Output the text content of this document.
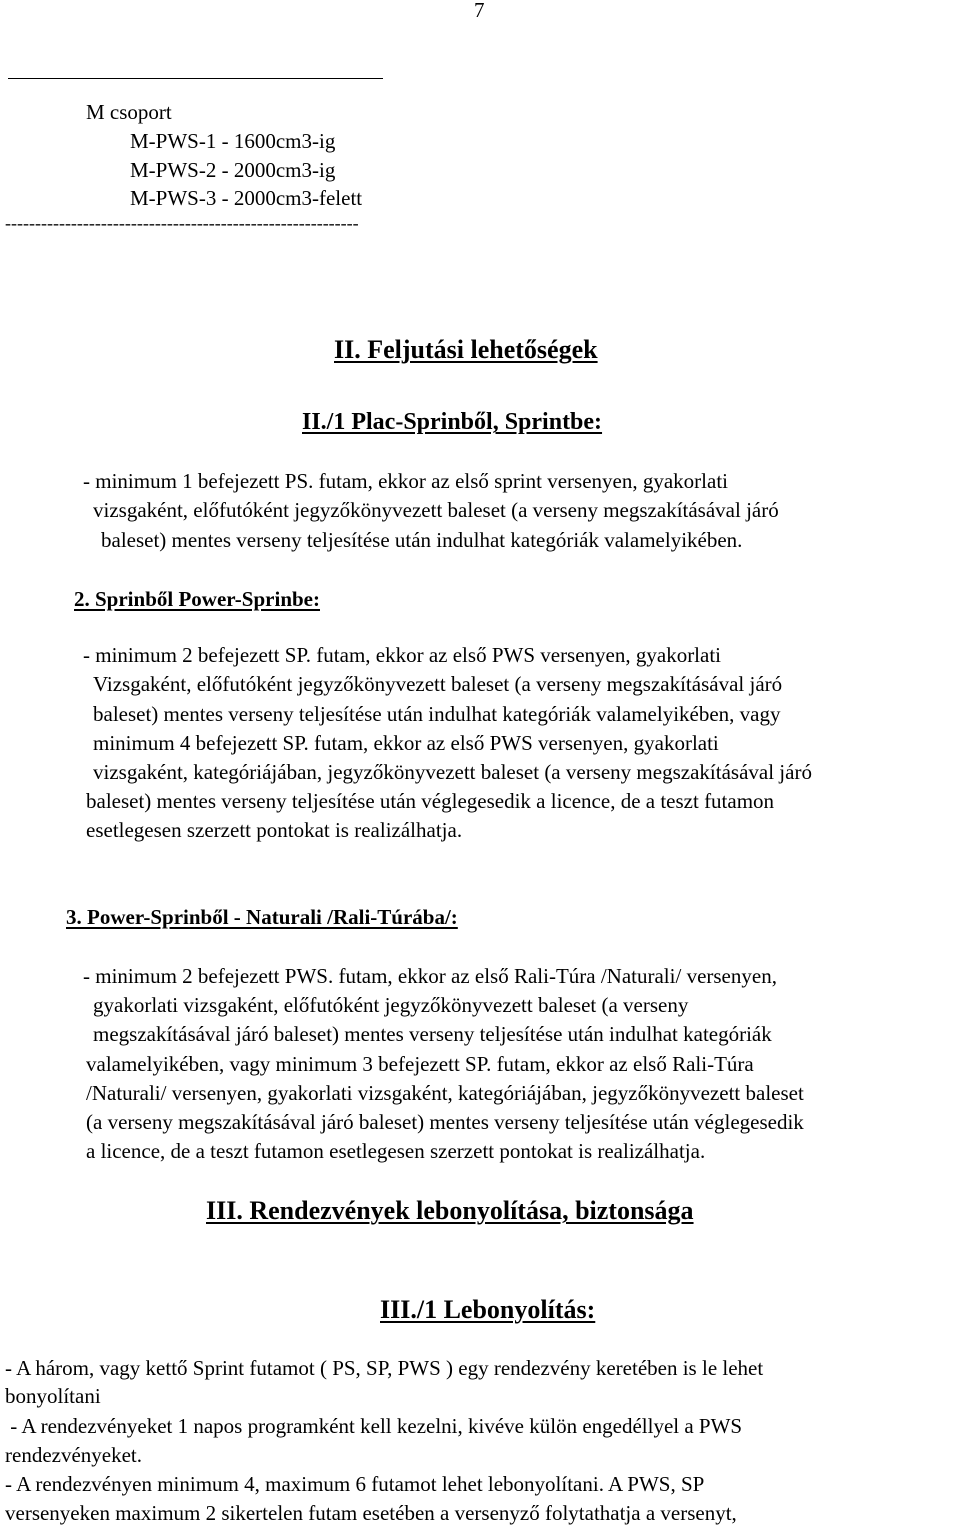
7
M csoport
M-PWS-1 - 1600cm3-ig
M-PWS-2 - 2000cm3-ig
M-PWS-3 - 2000cm3-felett
-----------------------------------------------------------
II. Feljutási lehetőségek
II./1 Plac-Sprinből, Sprintbe:
- minimum 1 befejezett PS. futam, ekkor az első sprint versenyen, gyakorlati
vizsgaként, előfutóként jegyzőkönyvezett baleset (a verseny megszakításával járó
baleset) mentes verseny teljesítése után indulhat kategóriák valamelyikében.
2. Sprinből Power-Sprinbe:
- minimum 2 befejezett SP. futam, ekkor az első PWS versenyen, gyakorlati
Vizsgaként, előfutóként jegyzőkönyvezett baleset (a verseny megszakításával járó
baleset) mentes verseny teljesítése után indulhat kategóriák valamelyikében, vagy
minimum 4 befejezett SP. futam, ekkor az első PWS versenyen, gyakorlati
vizsgaként, kategóriájában, jegyzőkönyvezett baleset (a verseny megszakításával járó
baleset) mentes verseny teljesítése után véglegesedik a licence, de a teszt futamon
esetlegesen szerzett pontokat is realizálhatja.
3. Power-Sprinből - Naturali /Rali-Túrába/:
- minimum 2 befejezett PWS. futam, ekkor az első Rali-Túra /Naturali/ versenyen,
gyakorlati vizsgaként, előfutóként jegyzőkönyvezett baleset (a verseny
megszakításával járó baleset) mentes verseny teljesítése után indulhat kategóriák
valamelyikében, vagy minimum 3 befejezett SP. futam, ekkor az első Rali-Túra
/Naturali/ versenyen, gyakorlati vizsgaként, kategóriájában, jegyzőkönyvezett baleset
(a verseny megszakításával járó baleset) mentes verseny teljesítése után véglegesedik
a licence, de a teszt futamon esetlegesen szerzett pontokat is realizálhatja.
III. Rendezvények lebonyolítása, biztonsága
III./1 Lebonyolítás:
- A három, vagy kettő Sprint futamot ( PS, SP, PWS ) egy rendezvény keretében is le lehet
bonyolítani
- A rendezvényeket 1 napos programként kell kezelni, kivéve külön engedéllyel a PWS
rendezvényeket.
- A rendezvényen minimum 4, maximum 6 futamot lehet lebonyolítani. A PWS, SP
versenyeken maximum 2 sikertelen futam esetében a versenyző folytathatja a versenyt,
